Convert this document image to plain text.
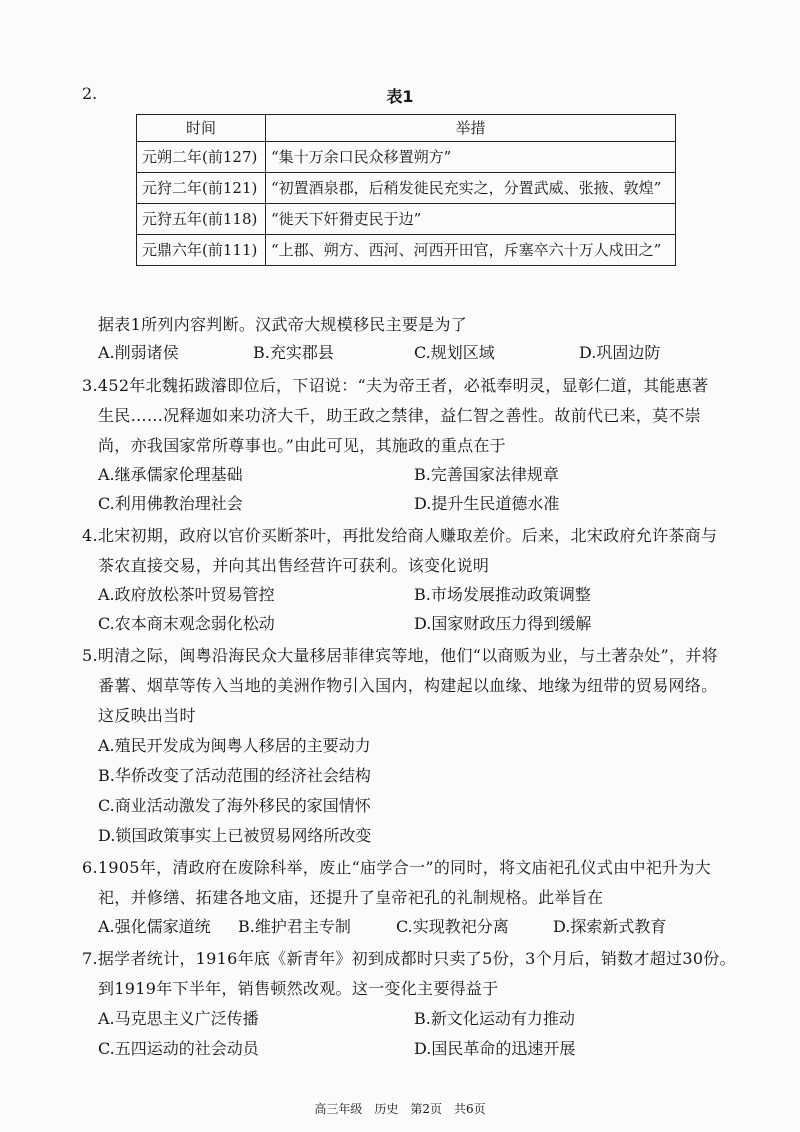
2.	表1
时间	举措
元朔二年(前127)	“集十万余口民众移置朔方”
元狩二年(前121)	“初置酒泉郡，后稍发徙民充实之，分置武威、张掖、敦煌”
元狩五年(前118)	“徙天下奸猾吏民于边”
元鼎六年(前111)	“上郡、朔方、西河、河西开田官，斥塞卒六十万人戍田之”
据表1所列内容判断。汉武帝大规模移民主要是为了
A.削弱诸侯	B.充实郡县	C.规划区域	D.巩固边防
3.452年北魏拓跋濬即位后，下诏说：“夫为帝王者，必祗奉明灵，显彰仁道，其能惠著
生民……况释迦如来功济大千，助王政之禁律，益仁智之善性。故前代已来，莫不崇
尚，亦我国家常所尊事也。”由此可见，其施政的重点在于
A.继承儒家伦理基础	B.完善国家法律规章
C.利用佛教治理社会	D.提升生民道德水准
4.北宋初期，政府以官价买断茶叶，再批发给商人赚取差价。后来，北宋政府允许茶商与
茶农直接交易，并向其出售经营许可获利。该变化说明
A.政府放松茶叶贸易管控	B.市场发展推动政策调整
C.农本商末观念弱化松动	D.国家财政压力得到缓解
5.明清之际，闽粤沿海民众大量移居菲律宾等地，他们“以商贩为业，与土著杂处”，并将
番薯、烟草等传入当地的美洲作物引入国内，构建起以血缘、地缘为纽带的贸易网络。
这反映出当时
A.殖民开发成为闽粤人移居的主要动力
B.华侨改变了活动范围的经济社会结构
C.商业活动激发了海外移民的家国情怀
D.锁国政策事实上已被贸易网络所改变
6.1905年，清政府在废除科举，废止“庙学合一”的同时，将文庙祀孔仪式由中祀升为大
祀，并修缮、拓建各地文庙，还提升了皇帝祀孔的礼制规格。此举旨在
A.强化儒家道统 B.维护君主专制	C.实现教祀分离	D.探索新式教育
7.据学者统计，1916年底《新青年》初到成都时只卖了5份，3个月后，销数才超过30份。
到1919年下半年，销售顿然改观。这一变化主要得益于
A.马克思主义广泛传播	B.新文化运动有力推动
C.五四运动的社会动员	D.国民革命的迅速开展
高三年级　历史　第2页　共6页
